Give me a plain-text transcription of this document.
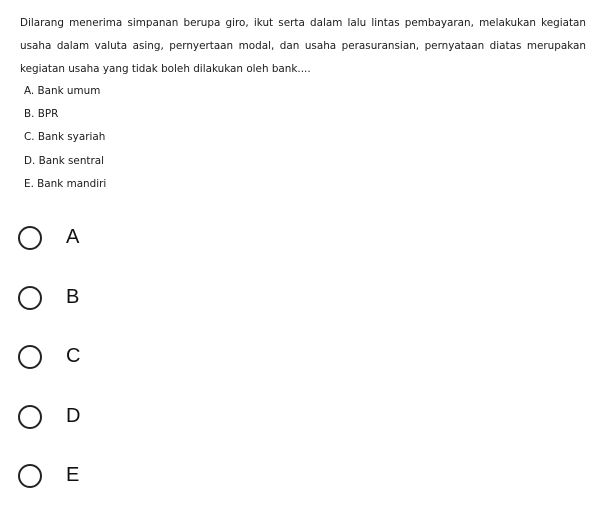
Dilarang menerima simpanan berupa giro, ikut serta dalam lalu lintas pembayaran, melakukan kegiatan usaha dalam valuta asing, pernyertaan modal, dan usaha perasuransian, pernyataan diatas merupakan kegiatan usaha yang tidak boleh dilakukan oleh bank....

A. Bank umum
B. BPR
C. Bank syariah
D. Bank sentral
E. Bank mandiri
A
B
C
D
E
